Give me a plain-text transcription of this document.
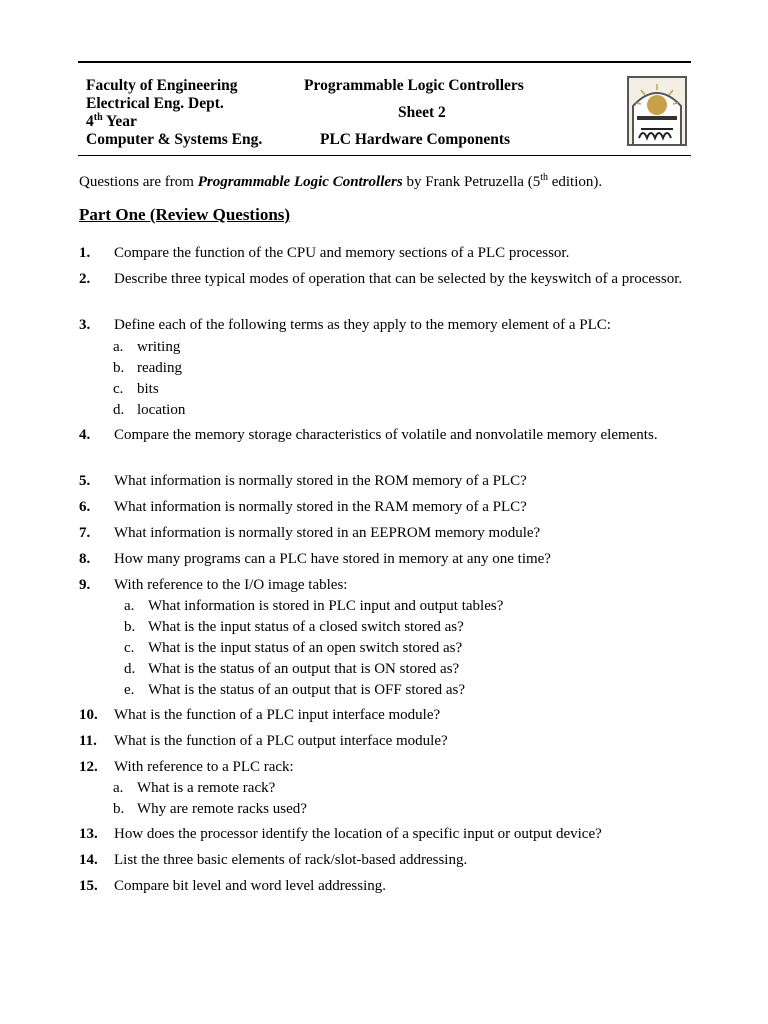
Faculty of Engineering
Electrical Eng. Dept.
4th Year
Computer & Systems Eng.
Programmable Logic Controllers
Sheet 2
PLC Hardware Components
Questions are from Programmable Logic Controllers by Frank Petruzella (5th edition).
Part One (Review Questions)
1. Compare the function of the CPU and memory sections of a PLC processor.
2. Describe three typical modes of operation that can be selected by the keyswitch of a processor.
3. Define each of the following terms as they apply to the memory element of a PLC:
a. writing
b. reading
c. bits
d. location
4. Compare the memory storage characteristics of volatile and nonvolatile memory elements.
5. What information is normally stored in the ROM memory of a PLC?
6. What information is normally stored in the RAM memory of a PLC?
7. What information is normally stored in an EEPROM memory module?
8. How many programs can a PLC have stored in memory at any one time?
9. With reference to the I/O image tables:
a. What information is stored in PLC input and output tables?
b. What is the input status of a closed switch stored as?
c. What is the input status of an open switch stored as?
d. What is the status of an output that is ON stored as?
e. What is the status of an output that is OFF stored as?
10. What is the function of a PLC input interface module?
11. What is the function of a PLC output interface module?
12. With reference to a PLC rack:
a. What is a remote rack?
b. Why are remote racks used?
13. How does the processor identify the location of a specific input or output device?
14. List the three basic elements of rack/slot-based addressing.
15. Compare bit level and word level addressing.
